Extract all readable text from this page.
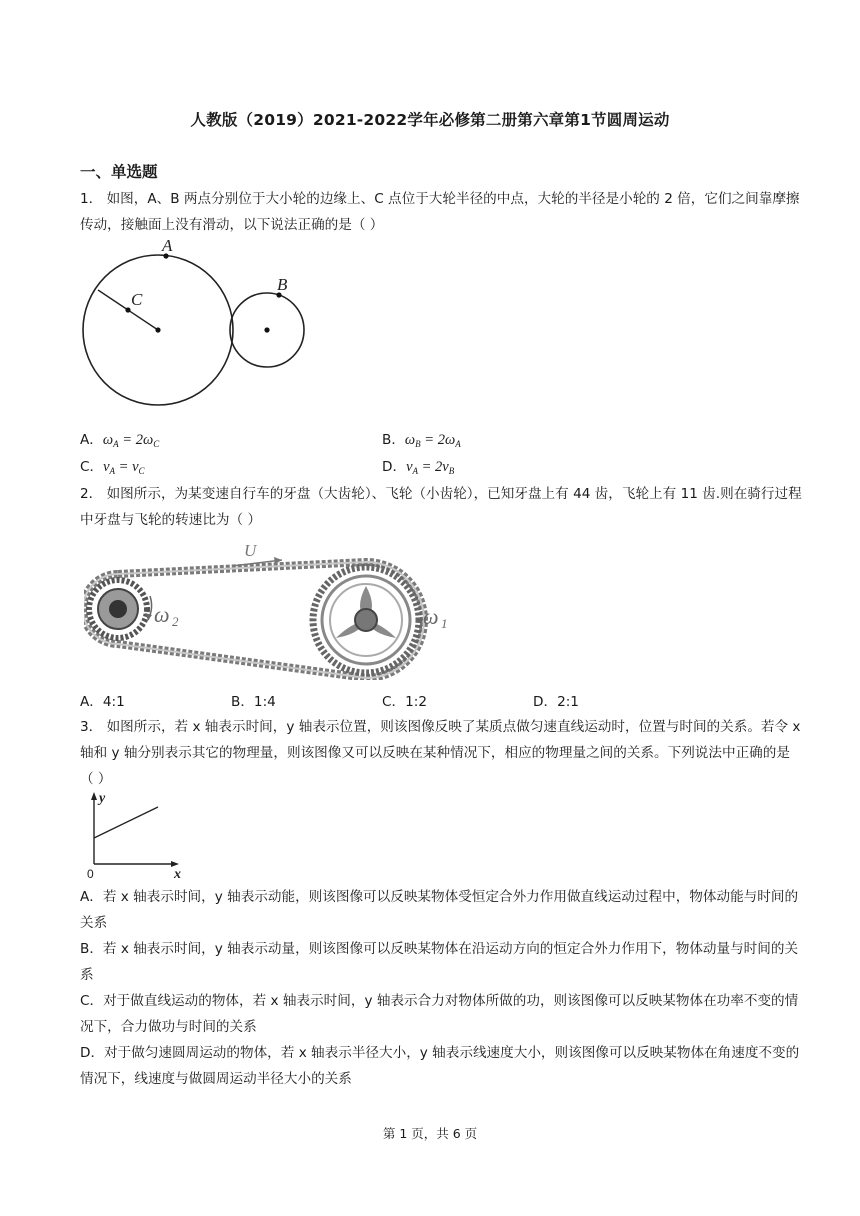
人教版（2019）2021-2022学年必修第二册第六章第1节圆周运动
一、单选题
1． 如图，A、B 两点分别位于大小轮的边缘上、C 点位于大轮半径的中点，大轮的半径是小轮的 2 倍，它们之间靠摩擦传动，接触面上没有滑动，以下说法正确的是（ ）
A
B
C
A．$\omega_A = 2\omega_C$	B．$\omega_B = 2\omega_A$
C．$v_A = v_C$	D．$v_A = 2v_B$
2． 如图所示，为某变速自行车的牙盘（大齿轮）、飞轮（小齿轮），已知牙盘上有 44 齿，飞轮上有 11 齿.则在骑行过程中牙盘与飞轮的转速比为（ ）
U
ω 2	ω 1
A．4:1	B．1:4	C．1:2	D．2:1
3． 如图所示，若 x 轴表示时间，y 轴表示位置，则该图像反映了某质点做匀速直线运动时，位置与时间的关系。若令 x 轴和 y 轴分别表示其它的物理量，则该图像又可以反映在某种情况下，相应的物理量之间的关系。下列说法中正确的是（ ）
y
x
0
A．若 x 轴表示时间，y 轴表示动能，则该图像可以反映某物体受恒定合外力作用做直线运动过程中，物体动能与时间的关系
B．若 x 轴表示时间，y 轴表示动量，则该图像可以反映某物体在沿运动方向的恒定合外力作用下，物体动量与时间的关系
C．对于做直线运动的物体，若 x 轴表示时间，y 轴表示合力对物体所做的功，则该图像可以反映某物体在功率不变的情况下，合力做功与时间的关系
D．对于做匀速圆周运动的物体，若 x 轴表示半径大小，y 轴表示线速度大小，则该图像可以反映某物体在角速度不变的情况下，线速度与做圆周运动半径大小的关系
第 1 页，共 6 页
